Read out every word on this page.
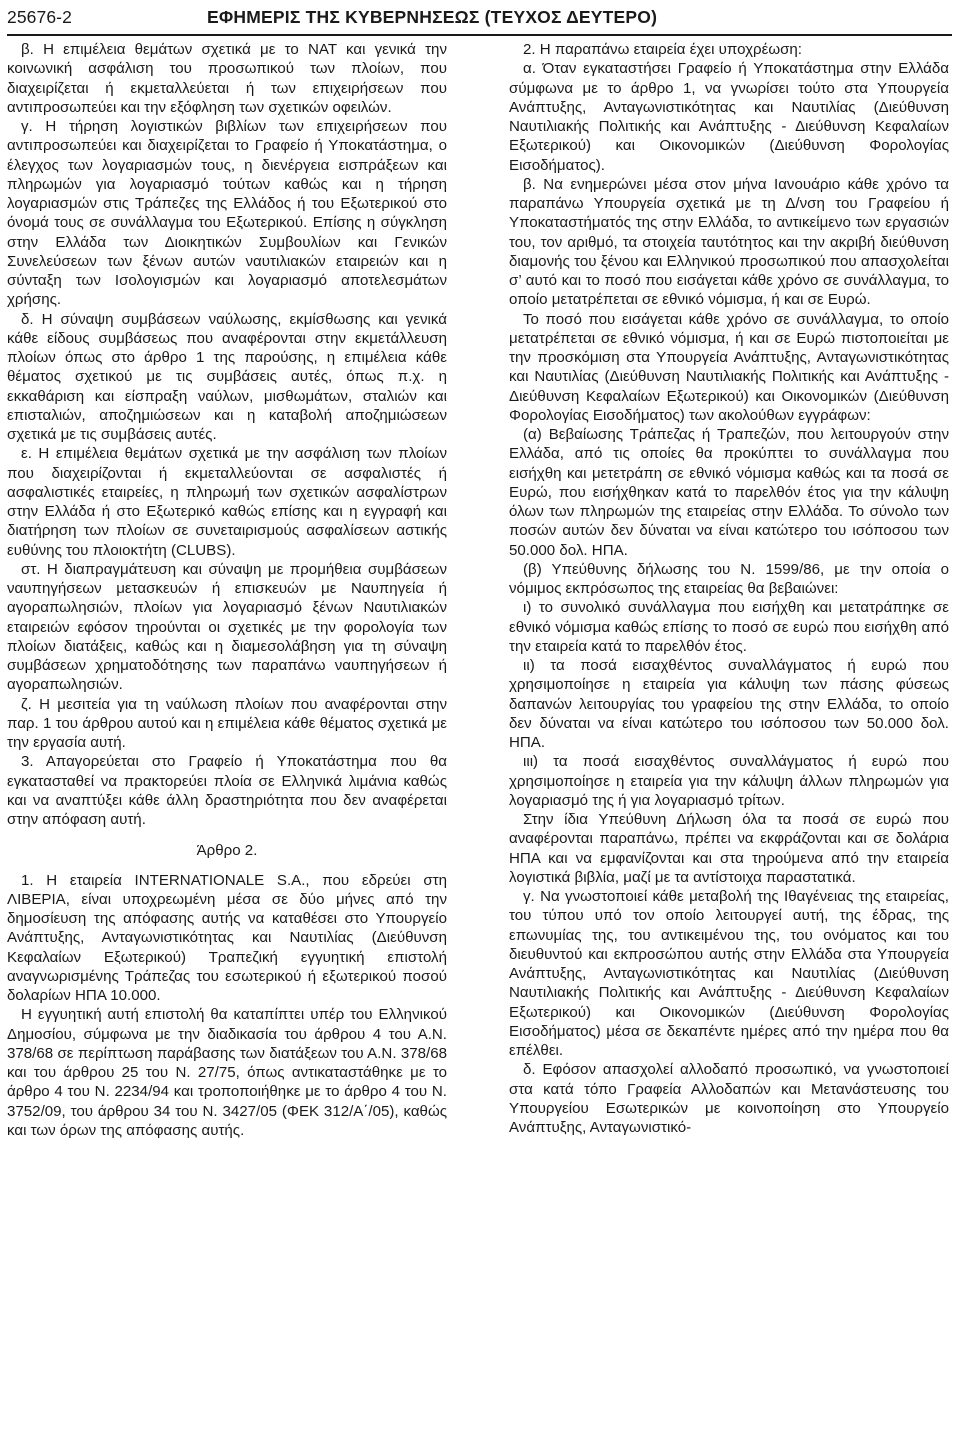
25676-2	ΕΦΗΜΕΡΙΣ ΤΗΣ ΚΥΒΕΡΝΗΣΕΩΣ (ΤΕΥΧΟΣ ΔΕΥΤΕΡΟ)

β. Η επιμέλεια θεμάτων σχετικά με το ΝΑΤ και γενικά την κοινωνική ασφάλιση του προσωπικού των πλοίων, που διαχειρίζεται ή εκμεταλλεύεται ή των επιχειρήσεων που αντιπροσωπεύει και την εξόφληση των σχετικών οφειλών.

γ. Η τήρηση λογιστικών βιβλίων των επιχειρήσεων που αντιπροσωπεύει και διαχειρίζεται το Γραφείο ή Υποκατάστημα, ο έλεγχος των λογαριασμών τους, η διενέργεια εισπράξεων και πληρωμών για λογαριασμό τούτων καθώς και η τήρηση λογαριασμών στις Τράπεζες της Ελλάδος ή του Εξωτερικού στο όνομά τους σε συνάλλαγμα του Εξωτερικού. Επίσης η σύγκληση στην Ελλάδα των Διοικητικών Συμβουλίων και Γενικών Συνελεύσεων των ξένων αυτών ναυτιλιακών εταιρειών και η σύνταξη των Ισολογισμών και λογαριασμό αποτελεσμάτων χρήσης.

δ. Η σύναψη συμβάσεων ναύλωσης, εκμίσθωσης και γενικά κάθε είδους συμβάσεως που αναφέρονται στην εκμετάλλευση πλοίων όπως στο άρθρο 1 της παρούσης, η επιμέλεια κάθε θέματος σχετικού με τις συμβάσεις αυτές, όπως π.χ. η εκκαθάριση και είσπραξη ναύλων, μισθωμάτων, σταλιών και επισταλιών, αποζημιώσεων και η καταβολή αποζημιώσεων σχετικά με τις συμβάσεις αυτές.

ε. Η επιμέλεια θεμάτων σχετικά με την ασφάλιση των πλοίων που διαχειρίζονται ή εκμεταλλεύονται σε ασφαλιστές ή ασφαλιστικές εταιρείες, η πληρωμή των σχετικών ασφαλίστρων στην Ελλάδα ή στο Εξωτερικό καθώς επίσης και η εγγραφή και διατήρηση των πλοίων σε συνεταιρισμούς ασφαλίσεων αστικής ευθύνης του πλοιοκτήτη (CLUBS).

στ. Η διαπραγμάτευση και σύναψη με προμήθεια συμβάσεων ναυπηγήσεων μετασκευών ή επισκευών με Ναυπηγεία ή αγοραπωλησιών, πλοίων για λογαριασμό ξένων Ναυτιλιακών εταιρειών εφόσον τηρούνται οι σχετικές με την φορολογία των πλοίων διατάξεις, καθώς και η διαμεσολάβηση για τη σύναψη συμβάσεων χρηματοδότησης των παραπάνω ναυπηγήσεων ή αγοραπωλησιών.

ζ. Η μεσιτεία για τη ναύλωση πλοίων που αναφέρονται στην παρ. 1 του άρθρου αυτού και η επιμέλεια κάθε θέματος σχετικά με την εργασία αυτή.

3. Απαγορεύεται στο Γραφείο ή Υποκατάστημα που θα εγκατασταθεί να πρακτορεύει πλοία σε Ελληνικά λιμάνια καθώς και να αναπτύξει κάθε άλλη δραστηριότητα που δεν αναφέρεται στην απόφαση αυτή.

Άρθρο 2.

1. Η εταιρεία INTERNATIONALE S.A., που εδρεύει στη ΛΙΒΕΡΙΑ, είναι υποχρεωμένη μέσα σε δύο μήνες από την δημοσίευση της απόφασης αυτής να καταθέσει στο Υπουργείο Ανάπτυξης, Ανταγωνιστικότητας και Ναυτιλίας (Διεύθυνση Κεφαλαίων Εξωτερικού) Τραπεζική εγγυητική επιστολή αναγνωρισμένης Τράπεζας του εσωτερικού ή εξωτερικού ποσού δολαρίων ΗΠΑ 10.000.

Η εγγυητική αυτή επιστολή θα καταπίπτει υπέρ του Ελληνικού Δημοσίου, σύμφωνα με την διαδικασία του άρθρου 4 του Α.Ν. 378/68 σε περίπτωση παράβασης των διατάξεων του Α.Ν. 378/68 και του άρθρου 25 του Ν. 27/75, όπως αντικαταστάθηκε με το άρθρο 4 του Ν. 2234/94 και τροποποιήθηκε με το άρθρο 4 του Ν. 3752/09, του άρθρου 34 του Ν. 3427/05 (ΦΕΚ 312/Α΄/05), καθώς και των όρων της απόφασης αυτής.

2. Η παραπάνω εταιρεία έχει υποχρέωση:

α. Όταν εγκαταστήσει Γραφείο ή Υποκατάστημα στην Ελλάδα σύμφωνα με το άρθρο 1, να γνωρίσει τούτο στα Υπουργεία Ανάπτυξης, Ανταγωνιστικότητας και Ναυτιλίας (Διεύθυνση Ναυτιλιακής Πολιτικής και Ανάπτυξης - Διεύθυνση Κεφαλαίων Εξωτερικού) και Οικονομικών (Διεύθυνση Φορολογίας Εισοδήματος).

β. Να ενημερώνει μέσα στον μήνα Ιανουάριο κάθε χρόνο τα παραπάνω Υπουργεία σχετικά με τη Δ/νση του Γραφείου ή Υποκαταστήματός της στην Ελλάδα, το αντικείμενο των εργασιών του, τον αριθμό, τα στοιχεία ταυτότητος και την ακριβή διεύθυνση διαμονής του ξένου και Ελληνικού προσωπικού που απασχολείται σ’ αυτό και το ποσό που εισάγεται κάθε χρόνο σε συνάλλαγμα, το οποίο μετατρέπεται σε εθνικό νόμισμα, ή και σε Ευρώ.

Το ποσό που εισάγεται κάθε χρόνο σε συνάλλαγμα, το οποίο μετατρέπεται σε εθνικό νόμισμα, ή και σε Ευρώ πιστοποιείται με την προσκόμιση στα Υπουργεία Ανάπτυξης, Ανταγωνιστικότητας και Ναυτιλίας (Διεύθυνση Ναυτιλιακής Πολιτικής και Ανάπτυξης - Διεύθυνση Κεφαλαίων Εξωτερικού) και Οικονομικών (Διεύθυνση Φορολογίας Εισοδήματος) των ακολούθων εγγράφων:

(α) Βεβαίωσης Τράπεζας ή Τραπεζών, που λειτουργούν στην Ελλάδα, από τις οποίες θα προκύπτει το συνάλλαγμα που εισήχθη και μετετράπη σε εθνικό νόμισμα καθώς και τα ποσά σε Ευρώ, που εισήχθηκαν κατά το παρελθόν έτος για την κάλυψη όλων των πληρωμών της εταιρείας στην Ελλάδα. Το σύνολο των ποσών αυτών δεν δύναται να είναι κατώτερο του ισόποσου των 50.000 δολ. ΗΠΑ.

(β) Υπεύθυνης δήλωσης του Ν. 1599/86, με την οποία ο νόμιμος εκπρόσωπος της εταιρείας θα βεβαιώνει:

ι) το συνολικό συνάλλαγμα που εισήχθη και μετατράπηκε σε εθνικό νόμισμα καθώς επίσης το ποσό σε ευρώ που εισήχθη από την εταιρεία κατά το παρελθόν έτος.

ιι) τα ποσά εισαχθέντος συναλλάγματος ή ευρώ που χρησιμοποίησε η εταιρεία για κάλυψη των πάσης φύσεως δαπανών λειτουργίας του γραφείου της στην Ελλάδα, το οποίο δεν δύναται να είναι κατώτερο του ισόποσου των 50.000 δολ. ΗΠΑ.

ιιι) τα ποσά εισαχθέντος συναλλάγματος ή ευρώ που χρησιμοποίησε η εταιρεία για την κάλυψη άλλων πληρωμών για λογαριασμό της ή για λογαριασμό τρίτων.

Στην ίδια Υπεύθυνη Δήλωση όλα τα ποσά σε ευρώ που αναφέρονται παραπάνω, πρέπει να εκφράζονται και σε δολάρια ΗΠΑ και να εμφανίζονται και στα τηρούμενα από την εταιρεία λογιστικά βιβλία, μαζί με τα αντίστοιχα παραστατικά.

γ. Να γνωστοποιεί κάθε μεταβολή της Ιθαγένειας της εταιρείας, του τύπου υπό τον οποίο λειτουργεί αυτή, της έδρας, της επωνυμίας της, του αντικειμένου της, του ονόματος και του διευθυντού και εκπροσώπου αυτής στην Ελλάδα στα Υπουργεία Ανάπτυξης, Ανταγωνιστικότητας και Ναυτιλίας (Διεύθυνση Ναυτιλιακής Πολιτικής και Ανάπτυξης - Διεύθυνση Κεφαλαίων Εξωτερικού) και Οικονομικών (Διεύθυνση Φορολογίας Εισοδήματος) μέσα σε δεκαπέντε ημέρες από την ημέρα που θα επέλθει.

δ. Εφόσον απασχολεί αλλοδαπό προσωπικό, να γνωστοποιεί στα κατά τόπο Γραφεία Αλλοδαπών και Μετανάστευσης του Υπουργείου Εσωτερικών με κοινοποίηση στο Υπουργείο Ανάπτυξης, Ανταγωνιστικό-
